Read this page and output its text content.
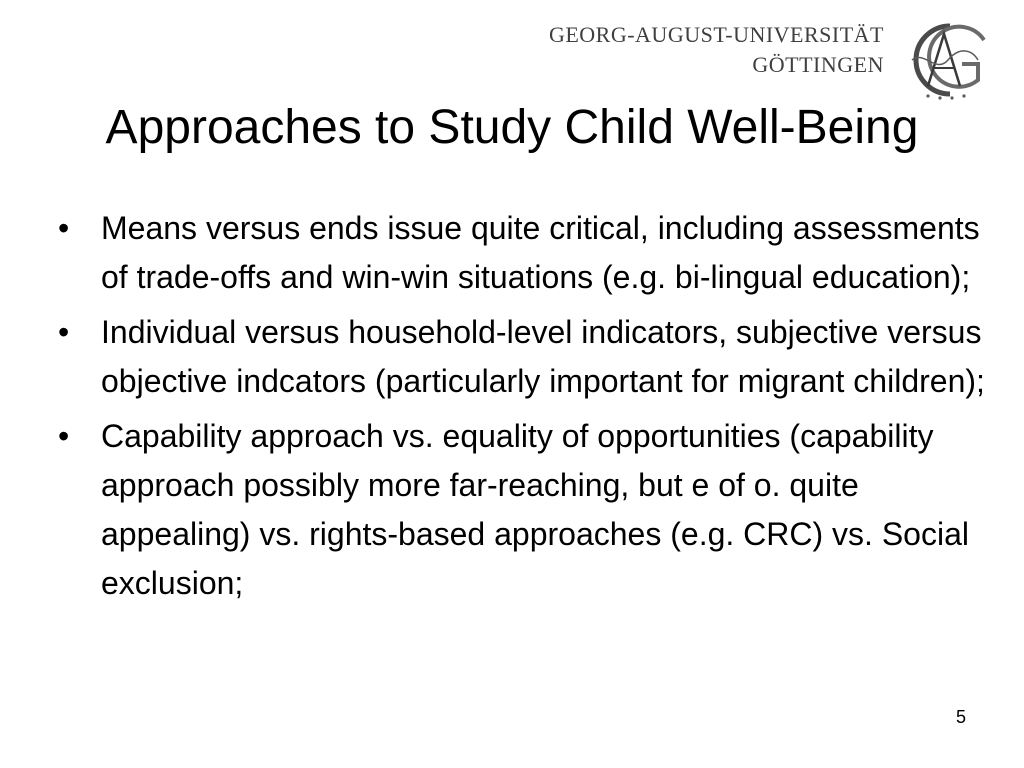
GEORG-AUGUST-UNIVERSITÄT
GÖTTINGEN
Approaches to Study Child Well-Being
• Means versus ends issue quite critical, including assessments of trade-offs and win-win situations (e.g. bi-lingual education);
• Individual versus household-level indicators, subjective versus objective indcators (particularly important for migrant children);
• Capability approach vs. equality of opportunities (capability approach possibly more far-reaching, but e of o. quite appealing) vs. rights-based approaches (e.g. CRC) vs. Social exclusion;
5
